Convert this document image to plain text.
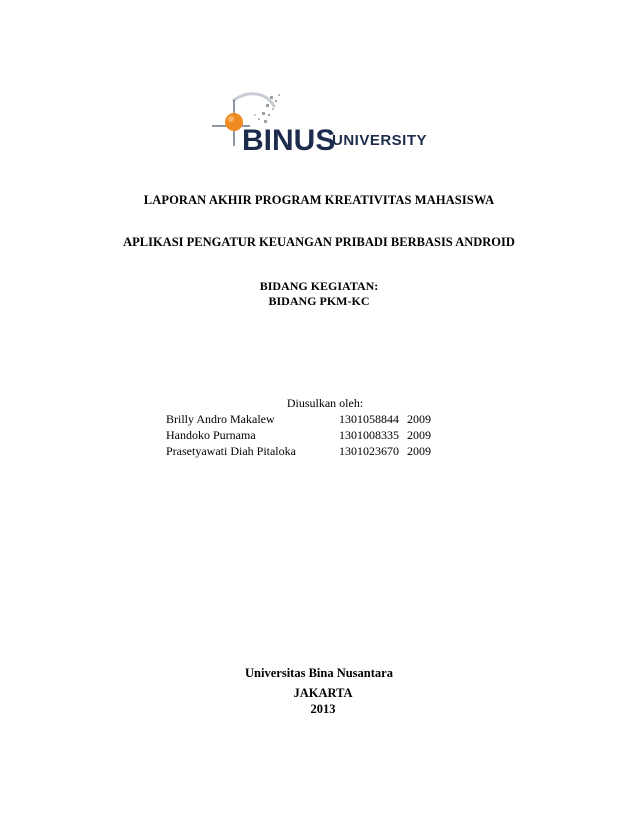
BINUS
UNIVERSITY
LAPORAN AKHIR PROGRAM KREATIVITAS MAHASISWA
APLIKASI PENGATUR KEUANGAN PRIBADI BERBASIS ANDROID
BIDANG KEGIATAN:
BIDANG PKM-KC
Diusulkan oleh:
Brilly Andro Makalew	1301058844 2009
Handoko Purnama	1301008335 2009
Prasetyawati Diah Pitaloka	1301023670 2009
Universitas Bina Nusantara
JAKARTA
2013
